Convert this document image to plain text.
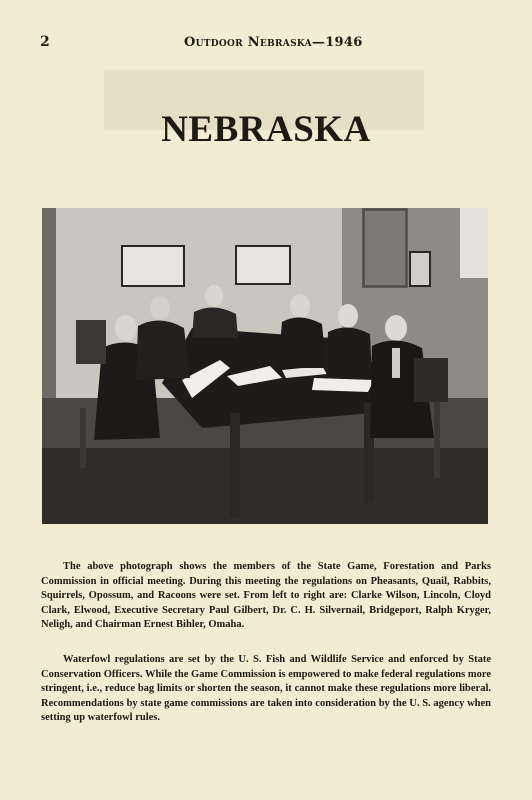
2	Outdoor Nebraska—1946
NEBRASKA

The above photograph shows the members of the State Game, Forestation and Parks Commission in official meeting. During this meeting the regulations on Pheasants, Quail, Rabbits, Squirrels, Opossum, and Racoons were set. From left to right are: Clarke Wilson, Lincoln, Cloyd Clark, Elwood, Executive Secretary Paul Gilbert, Dr. C. H. Silvernail, Bridgeport, Ralph Kryger, Neligh, and Chairman Ernest Bihler, Omaha.

Waterfowl regulations are set by the U. S. Fish and Wildlife Service and enforced by State Conservation Officers. While the Game Commission is empowered to make federal regulations more stringent, i.e., reduce bag limits or shorten the season, it cannot make these regulations more liberal. Recommendations by state game commissions are taken into consideration by the U. S. agency when setting up waterfowl rules.
